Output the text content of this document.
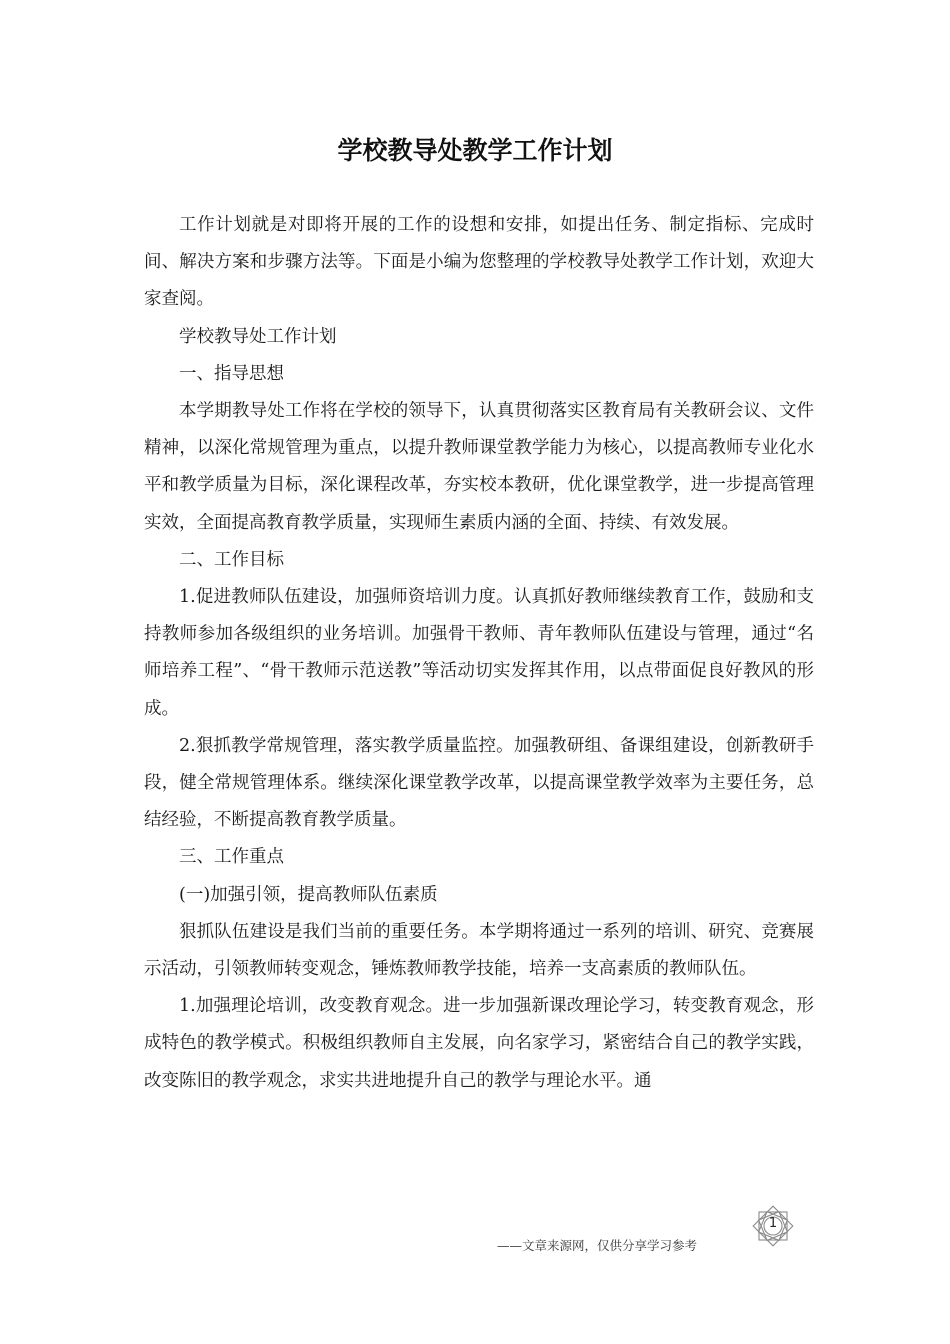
学校教导处教学工作计划

工作计划就是对即将开展的工作的设想和安排，如提出任务、制定指标、完成时间、解决方案和步骤方法等。下面是小编为您整理的学校教导处教学工作计划，欢迎大家查阅。

学校教导处工作计划

一、指导思想

本学期教导处工作将在学校的领导下，认真贯彻落实区教育局有关教研会议、文件精神，以深化常规管理为重点，以提升教师课堂教学能力为核心，以提高教师专业化水平和教学质量为目标，深化课程改革，夯实校本教研，优化课堂教学，进一步提高管理实效，全面提高教育教学质量，实现师生素质内涵的全面、持续、有效发展。

二、工作目标

1.促进教师队伍建设，加强师资培训力度。认真抓好教师继续教育工作，鼓励和支持教师参加各级组织的业务培训。加强骨干教师、青年教师队伍建设与管理，通过“名师培养工程”、“骨干教师示范送教”等活动切实发挥其作用，以点带面促良好教风的形成。

2.狠抓教学常规管理，落实教学质量监控。加强教研组、备课组建设，创新教研手段，健全常规管理体系。继续深化课堂教学改革，以提高课堂教学效率为主要任务，总结经验，不断提高教育教学质量。

三、工作重点

(一)加强引领，提高教师队伍素质

狠抓队伍建设是我们当前的重要任务。本学期将通过一系列的培训、研究、竞赛展示活动，引领教师转变观念，锤炼教师教学技能，培养一支高素质的教师队伍。

1.加强理论培训，改变教育观念。进一步加强新课改理论学习，转变教育观念，形成特色的教学模式。积极组织教师自主发展，向名家学习，紧密结合自己的教学实践，改变陈旧的教学观念，求实共进地提升自己的教学与理论水平。通

——文章来源网，仅供分享学习参考
1
